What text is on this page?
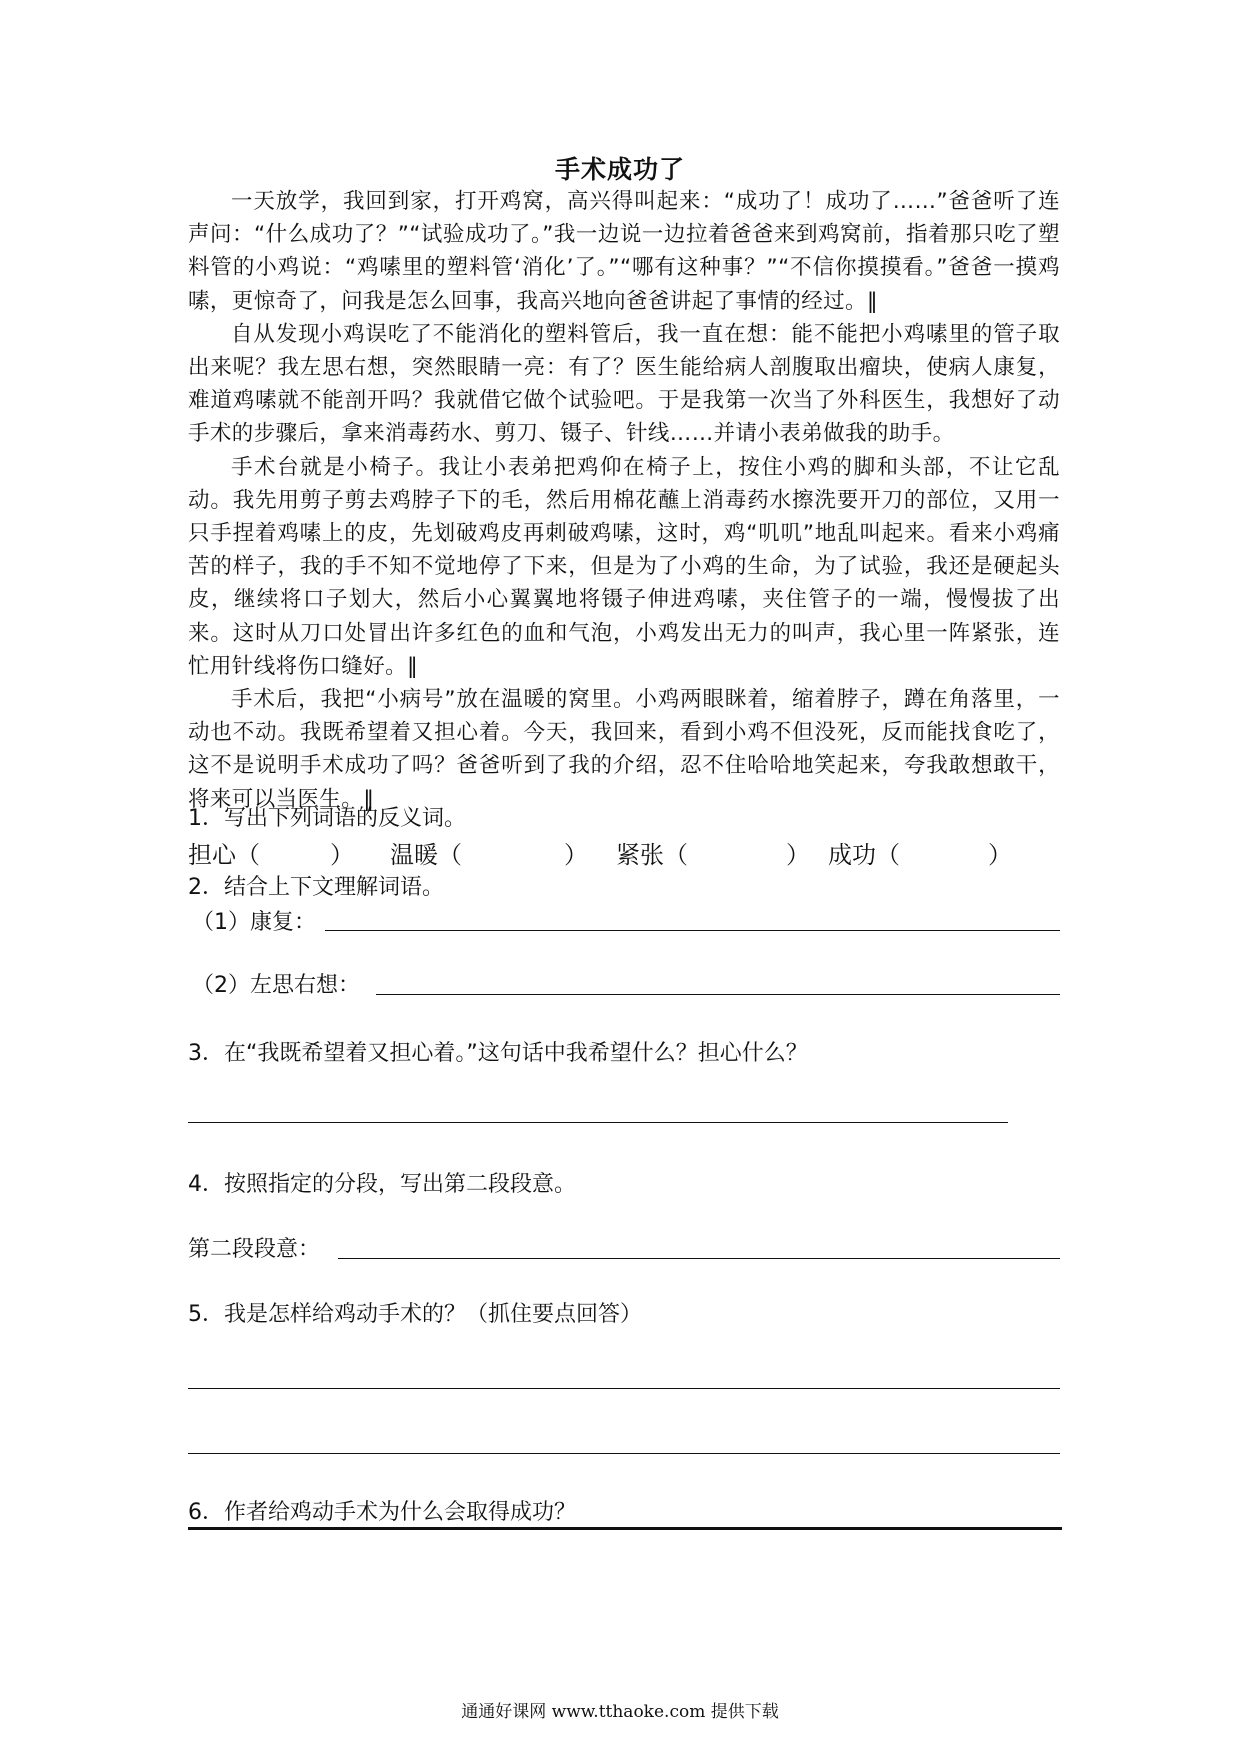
手术成功了

一天放学，我回到家，打开鸡窝，高兴得叫起来：“成功了！成功了……”爸爸听了连声问：“什么成功了？”“试验成功了。”我一边说一边拉着爸爸来到鸡窝前，指着那只吃了塑料管的小鸡说：“鸡嗉里的塑料管‘消化’了。”“哪有这种事？”“不信你摸摸看。”爸爸一摸鸡嗉，更惊奇了，问我是怎么回事，我高兴地向爸爸讲起了事情的经过。‖

自从发现小鸡误吃了不能消化的塑料管后，我一直在想：能不能把小鸡嗉里的管子取出来呢？我左思右想，突然眼睛一亮：有了？医生能给病人剖腹取出瘤块，使病人康复，难道鸡嗉就不能剖开吗？我就借它做个试验吧。于是我第一次当了外科医生，我想好了动手术的步骤后，拿来消毒药水、剪刀、镊子、针线……并请小表弟做我的助手。

手术台就是小椅子。我让小表弟把鸡仰在椅子上，按住小鸡的脚和头部，不让它乱动。我先用剪子剪去鸡脖子下的毛，然后用棉花蘸上消毒药水擦洗要开刀的部位，又用一只手捏着鸡嗉上的皮，先划破鸡皮再刺破鸡嗉，这时，鸡“叽叽”地乱叫起来。看来小鸡痛苦的样子，我的手不知不觉地停了下来，但是为了小鸡的生命，为了试验，我还是硬起头皮，继续将口子划大，然后小心翼翼地将镊子伸进鸡嗉，夹住管子的一端，慢慢拔了出来。这时从刀口处冒出许多红色的血和气泡，小鸡发出无力的叫声，我心里一阵紧张，连忙用针线将伤口缝好。‖

手术后，我把“小病号”放在温暖的窝里。小鸡两眼眯着，缩着脖子，蹲在角落里，一动也不动。我既希望着又担心着。今天，我回来，看到小鸡不但没死，反而能找食吃了，这不是说明手术成功了吗？爸爸听到了我的介绍，忍不住哈哈地笑起来，夸我敢想敢干，将来可以当医生。‖

1．写出下列词语的反义词。
担心（	） 温暖（	） 紧张（	） 成功（	）
2．结合上下文理解词语。
（1）康复：
（2）左思右想：
3．在“我既希望着又担心着。”这句话中我希望什么？担心什么？
4．按照指定的分段，写出第二段段意。
第二段段意：
5．我是怎样给鸡动手术的？（抓住要点回答）
6．作者给鸡动手术为什么会取得成功？
通通好课网 www.tthaoke.com 提供下载
